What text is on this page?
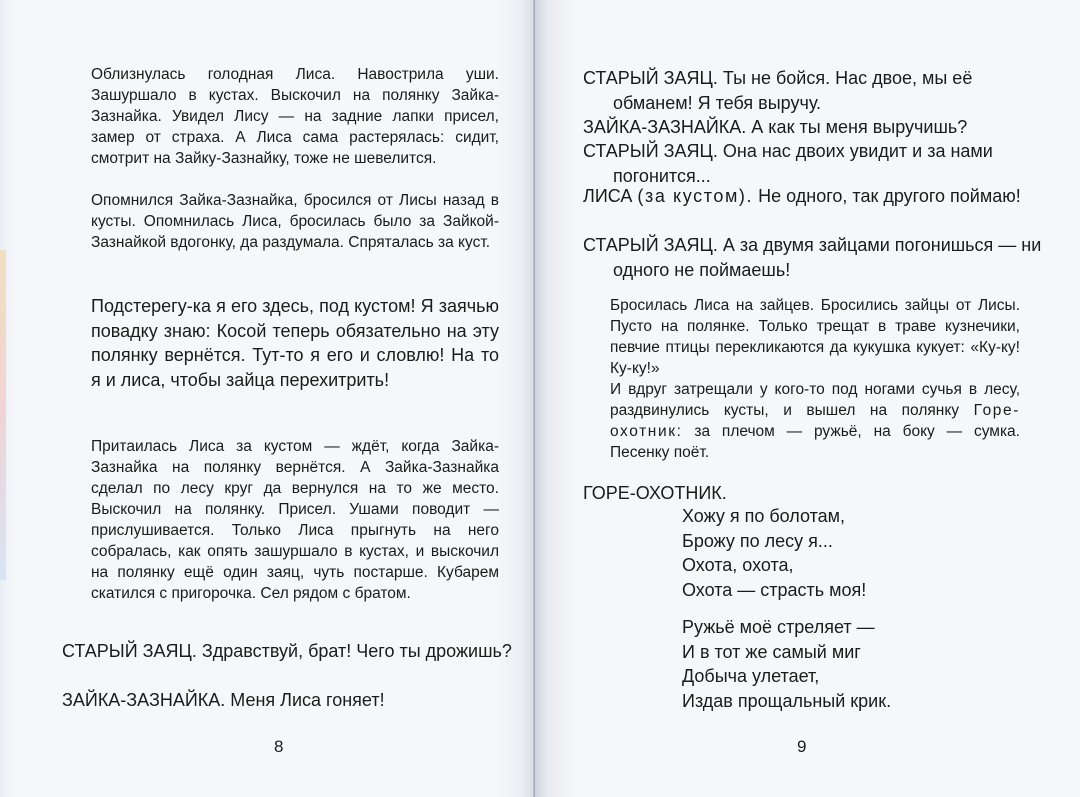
Облизнулась голодная Лиса. Навострила уши. Зашуршало в кустах. Выскочил на полянку Зайка-Зазнайка. Увидел Лису — на задние лапки присел, замер от страха. А Лиса сама растерялась: сидит, смотрит на Зайку-Зазнайку, тоже не шевелится.

Опомнился Зайка-Зазнайка, бросился от Лисы назад в кусты. Опомнилась Лиса, бросилась было за Зайкой-Зазнайкой вдогонку, да раздумала. Спряталась за куст.

Подстерегу-ка я его здесь, под кустом! Я заячью повадку знаю: Косой теперь обязательно на эту полянку вернётся. Тут-то я его и словлю! На то я и лиса, чтобы зайца перехитрить!

Притаилась Лиса за кустом — ждёт, когда Зайка-Зазнайка на полянку вернётся. А Зайка-Зазнайка сделал по лесу круг да вернулся на то же место. Выскочил на полянку. Присел. Ушами поводит — прислушивается. Только Лиса прыгнуть на него собралась, как опять зашуршало в кустах, и выскочил на полянку ещё один заяц, чуть постарше. Кубарем скатился с пригорочка. Сел рядом с братом.

СТАРЫЙ ЗАЯЦ. Здравствуй, брат! Чего ты дрожишь?

ЗАЙКА-ЗАЗНАЙКА. Меня Лиса гоняет!

8

СТАРЫЙ ЗАЯЦ. Ты не бойся. Нас двое, мы её обманем! Я тебя выручу.

ЗАЙКА-ЗАЗНАЙКА. А как ты меня выручишь?

СТАРЫЙ ЗАЯЦ. Она нас двоих увидит и за нами погонится...

ЛИСА (за кустом). Не одного, так другого поймаю!

СТАРЫЙ ЗАЯЦ. А за двумя зайцами погонишься — ни одного не поймаешь!

Бросилась Лиса на зайцев. Бросились зайцы от Лисы. Пусто на полянке. Только трещат в траве кузнечики, певчие птицы перекликаются да кукушка кукует: «Ку-ку! Ку-ку!»

И вдруг затрещали у кого-то под ногами сучья в лесу, раздвинулись кусты, и вышел на полянку Горе-охотник: за плечом — ружьё, на боку — сумка. Песенку поёт.

ГОРЕ-ОХОТНИК.

Хожу я по болотам,
Брожу по лесу я...
Охота, охота,
Охота — страсть моя!
Ружьё моё стреляет —
И в тот же самый миг
Добыча улетает,
Издав прощальный крик.
9
